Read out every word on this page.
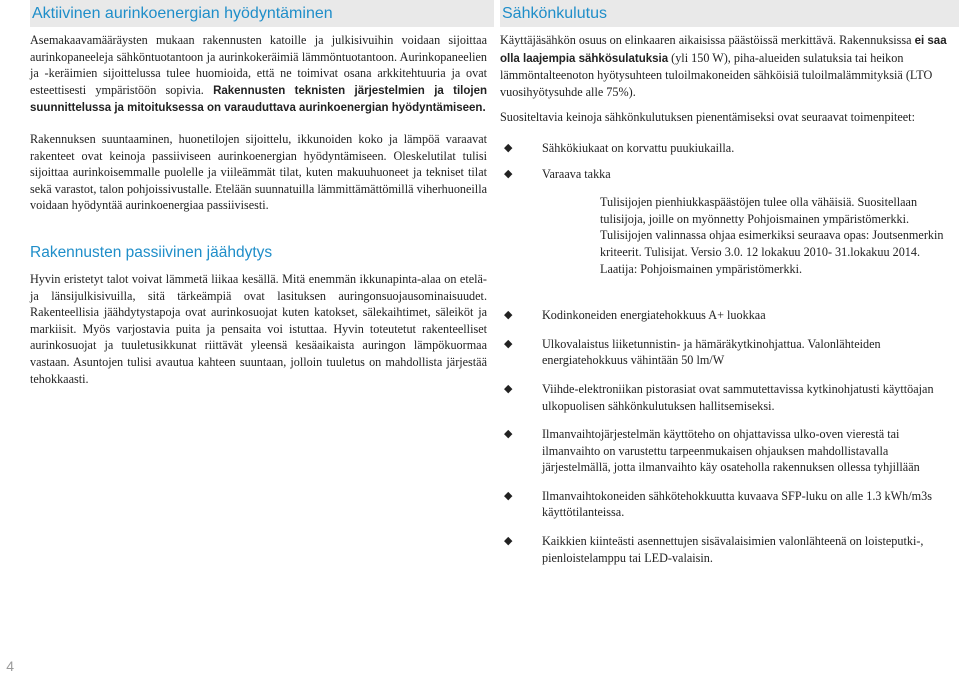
Aktiivinen aurinkoenergian hyödyntäminen

Asemakaavamääräysten mukaan rakennusten katoille ja julkisivuihin voidaan sijoittaa aurinkopaneeleja sähköntuotantoon ja aurinkokeräimiä lämmöntuotantoon. Aurinkopaneelien ja -keräimien sijoittelussa tulee huomioida, että ne toimivat osana arkkitehtuuria ja ovat esteettisesti ympäristöön sopivia. Rakennusten teknisten järjestelmien ja tilojen suunnittelussa ja mitoituksessa on varauduttava aurinkoenergian hyödyntämiseen.

Rakennuksen suuntaaminen, huonetilojen sijoittelu, ikkunoiden koko ja lämpöä varaavat rakenteet ovat keinoja passiiviseen aurinkoenergian hyödyntämiseen. Oleskelutilat tulisi sijoittaa aurinkoisemmalle puolelle ja viileämmät tilat, kuten makuuhuoneet ja tekniset tilat sekä varastot, talon pohjoissivustalle. Etelään suunnatuilla lämmittämättömillä viherhuoneilla voidaan hyödyntää aurinkoenergiaa passiivisesti.

Rakennusten passiivinen jäähdytys

Hyvin eristetyt talot voivat lämmetä liikaa kesällä. Mitä enemmän ikkunapinta-alaa on etelä- ja länsijulkisivuilla, sitä tärkeämpiä ovat lasituksen auringonsuojausominaisuudet. Rakenteellisia jäähdytystapoja ovat aurinkosuojat kuten katokset, sälekaihtimet, säleiköt ja markiisit. Myös varjostavia puita ja pensaita voi istuttaa. Hyvin toteutetut rakenteelliset aurinkosuojat ja tuuletusikkunat riittävät yleensä kesäaikaista auringon lämpökuormaa vastaan. Asuntojen tulisi avautua kahteen suuntaan, jolloin tuuletus on mahdollista järjestää tehokkaasti.

Sähkönkulutus

Käyttäjäsähkön osuus on elinkaaren aikaisissa päästöissä merkittävä. Rakennuksissa ei saa olla laajempia sähkösulatuksia (yli 150 W), piha-alueiden sulatuksia tai heikon lämmöntalteenoton hyötysuhteen tuloilmakoneiden sähköisiä tuloilmalämmityksiä (LTO vuosihyötysuhde alle 75%).

Suositeltavia keinoja sähkönkulutuksen pienentämiseksi ovat seuraavat toimenpiteet:

◆ Sähkökiukaat on korvattu puukiukailla.
◆ Varaava takka

Tulisijojen pienhiukkaspäästöjen tulee olla vähäisiä. Suositellaan tulisijoja, joille on myönnetty Pohjoismainen ympäristömerkki. Tulisijojen valinnassa ohjaa esimerkiksi seuraava opas: Joutsenmerkin kriteerit. Tulisijat. Versio 3.0. 12 lokakuu 2010- 31.lokakuu 2014. Laatija: Pohjoismainen ympäristömerkki.

◆ Kodinkoneiden energiatehokkuus A+ luokkaa
◆ Ulkovalaistus liiketunnistin- ja hämäräkytkinohjattua. Valonlähteiden energiatehokkuus vähintään 50 lm/W
◆ Viihde-elektroniikan pistorasiat ovat sammutettavissa kytkinohjatusti käyttöajan ulkopuolisen sähkönkulutuksen hallitsemiseksi.
◆ Ilmanvaihtojärjestelmän käyttöteho on ohjattavissa ulko-oven vierestä tai ilmanvaihto on varustettu tarpeenmukaisen ohjauksen mahdollistavalla järjestelmällä, jotta ilmanvaihto käy osateholla rakennuksen ollessa tyhjillään
◆ Ilmanvaihtokoneiden sähkötehokkuutta kuvaava SFP-luku on alle 1.3 kWh/m3s käyttötilanteissa.
◆ Kaikkien kiinteästi asennettujen sisävalaisimien valonlähteenä on loisteputki-, pienloistelamppu tai LED-valaisin.
4
